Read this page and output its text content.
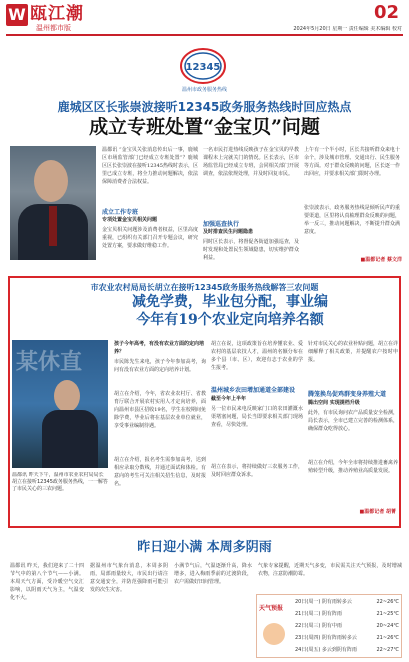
W 瓯江潮
温州都市版
02
2024年5月20日 星期一 责任编辑 美术编辑 校对
12345
温州市政务服务热线
鹿城区区长张崇波接听12345政务服务热线时回应热点
成立专班处置“金宝贝”问题
温都讯 “金宝贝关张消息传出后一事，鹿城区市场监管部门已经成立专班处置”？鹿城区区长张崇波在接听12345热线时表示，区里已成立专班，将全力推动问题解决，依法保障消费者合法权益。
成立工作专班
专项处置金宝贝相关问题
金宝贝相关问题涉及消费者权益，区里高度重视，已组织有关部门召开专题会议，研究处置方案，要求做好维稳工作。
一名市民打进热线反映孩子在金宝贝的早教课程未上完就关门的情况。区长表示，区市场监管局已经成立专班，会同相关部门开展调查，依法依规处理，并及时回复市民。
加强巡查执行
及时排查民生问题隐患
同时区长表示，将督促各街道加强巡查，及时发现和处置民生领域隐患，切实维护群众利益。
上午有一个半小时，区长共接听群众来电十余个，涉及城市管理、交通出行、民生服务等方面。对于群众反映的问题，区长逐一作出回应，并要求相关部门限时办理。
张崇波表示，政务服务热线是倾听民声的重要渠道，区里将认真梳理群众反映的问题，举一反三，推动问题解决，不断提升群众满意度。
■温都记者 蔡文洋
市农业农村局局长胡立在接听12345政务服务热线解答三农问题
减免学费，毕业包分配，事业编
今年有19个农业定向培养名额
某休直
温都讯 昨天下午，温州市农业农村局局长胡立在接听12345政务服务热线，一一解答了市民关心的三农问题。
孩子今年高考，有没有农业方面的定向培养？
市民陈先生来电，孩子今年参加高考，询问有没有农业方面的定向培养计划。
胡立在介绍，今年，省农业农村厅、省教育厅联合开展农村实用人才定向培养，面向温州市县区招收19名，学生在校期间免除学费，毕业后将在基层农业单位就业，享受事业编制待遇。
胡立在介绍，报名考生需参加高考，达到相应录取分数线，并通过面试和体检。有意向的考生可关注相关招生信息，及时报名。
胡立在说，这项政策旨在培养懂农业、爱农村的基层农技人才，温州的名额分布在多个县（市、区），欢迎有志于农业的学生报考。
温州城乡农田增加通道全部建设
截至今年上半年
另一位市民来电反映家门口的农田灌溉水渠堵塞问题，局长当即要求相关部门现场查看，尽快处理。
胡立在表示，将持续做好三农服务工作，及时回应群众诉求。
针对市民关心的农业补贴问题，胡立在详细解释了相关政策，并提醒农户按时申报。
腾笼换鸟促鸡群变身养殖大道
腾出空间 实现提档升级
此外，有市民询问农产品质量安全检测，局长表示，全市已建立完善的检测体系，确保群众吃得放心。
胡立在介绍，今年全市将持续推进畜禽养殖转型升级，推动养殖业高质量发展。
■温都记者 胡菁
昨日迎小满 本周多阴雨
温都讯 昨天，我们迎来了二十四节气中的第八个节气——小满。本周天气方面，受冷暖空气交汇影响，以阴雨天气为主，气温变化不大。
据温州市气象台消息，本周多阴雨，局部雨量较大，市民出行请注意交通安全，并防范强降雨可能引发的次生灾害。
小满节气后，气温逐渐升高，降水增多，进入梅雨季前的过渡阶段，农户需做好田间管理。
气象专家提醒，近期天气多变，市民需关注天气预报，及时增减衣物，注意防潮防霉。
天气预报
20日(周一) 阴有雨转多云	22~26℃
21日(周二) 阴有阵雨	21~25℃
22日(周三) 阴有中雨	20~24℃
23日(周四) 阴有阵雨转多云	21~26℃
24日(周五) 多云到阴有阵雨	22~27℃
